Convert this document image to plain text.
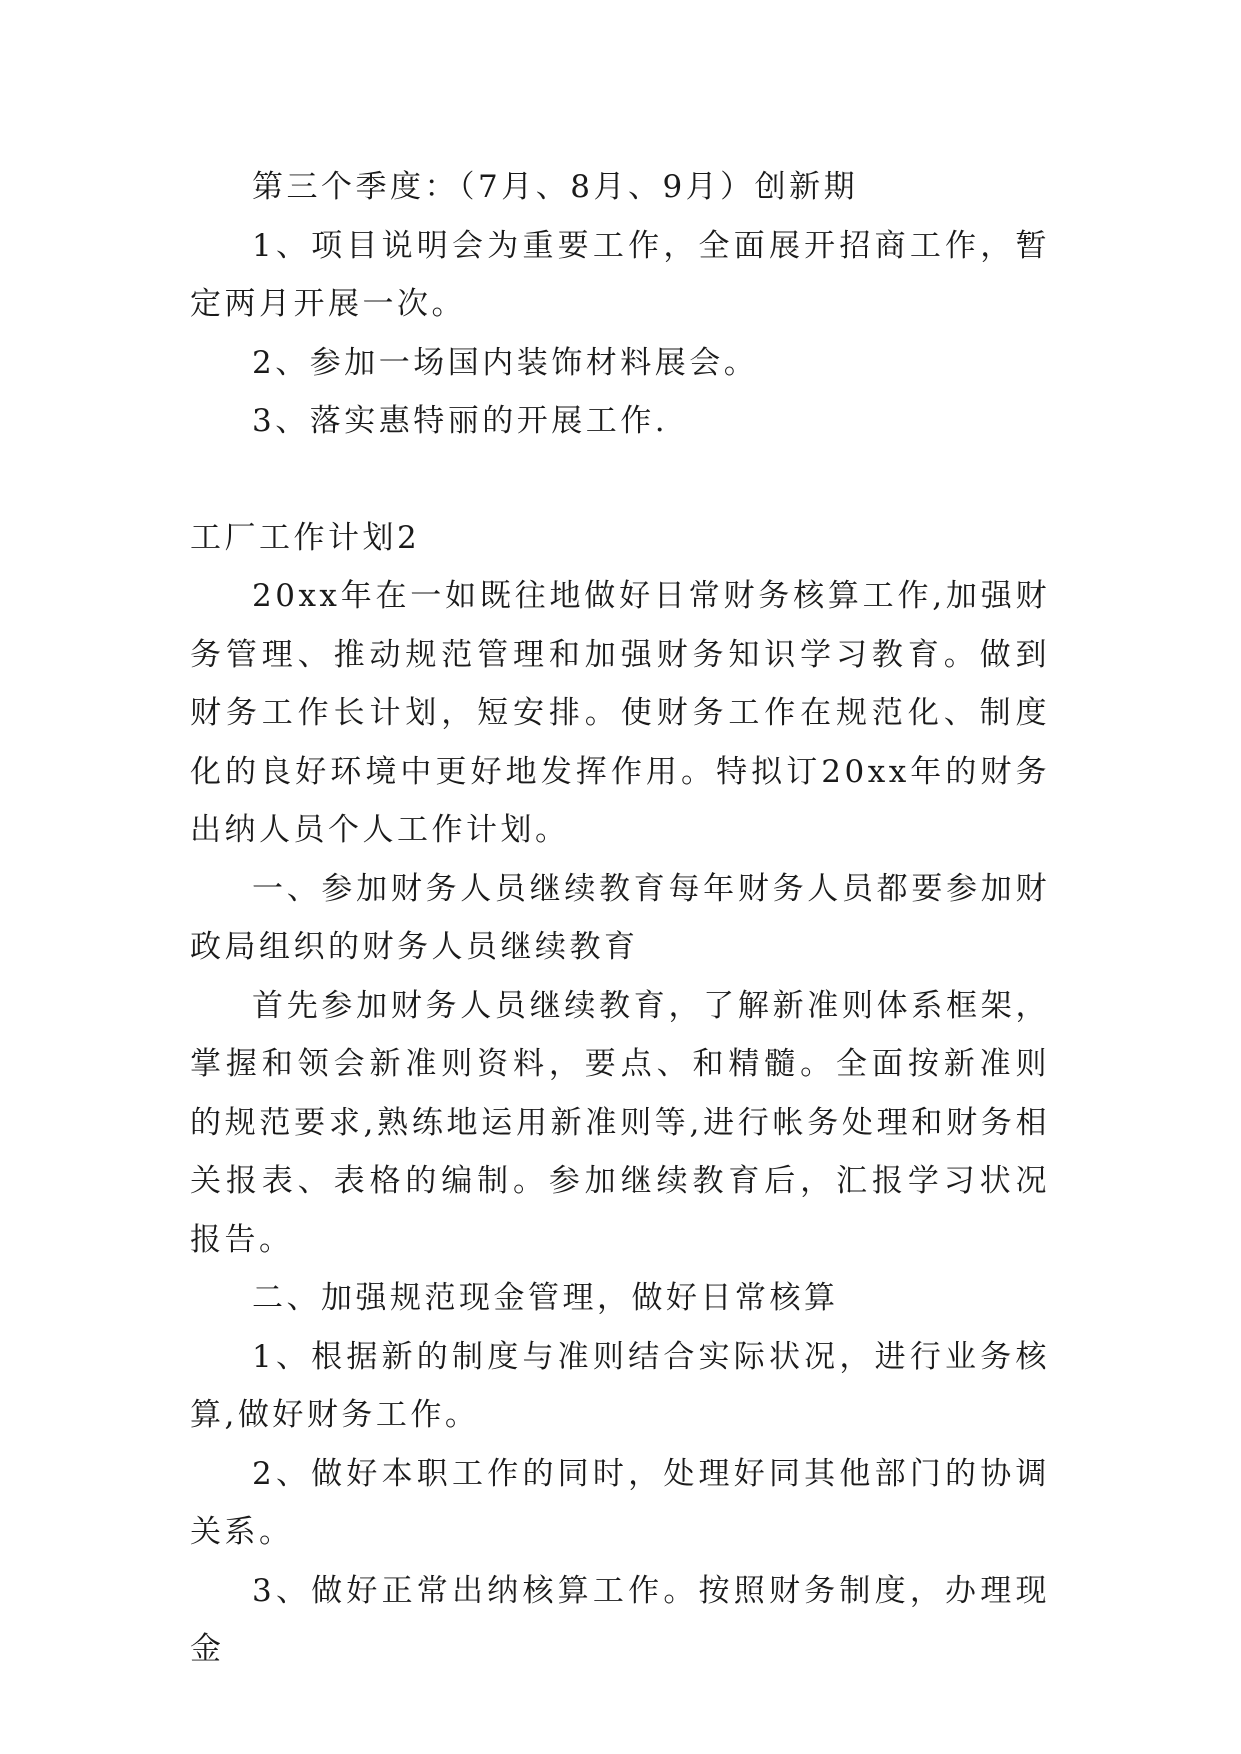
第三个季度：（7月、8月、9月）创新期

1、项目说明会为重要工作，全面展开招商工作，暂定两月开展一次。

2、参加一场国内装饰材料展会。

3、落实惠特丽的开展工作.

工厂工作计划2

20xx年在一如既往地做好日常财务核算工作,加强财务管理、推动规范管理和加强财务知识学习教育。做到财务工作长计划，短安排。使财务工作在规范化、制度化的良好环境中更好地发挥作用。特拟订20xx年的财务出纳人员个人工作计划。

一、参加财务人员继续教育每年财务人员都要参加财政局组织的财务人员继续教育

首先参加财务人员继续教育，了解新准则体系框架，掌握和领会新准则资料，要点、和精髓。全面按新准则的规范要求,熟练地运用新准则等,进行帐务处理和财务相关报表、表格的编制。参加继续教育后，汇报学习状况报告。

二、加强规范现金管理，做好日常核算

1、根据新的制度与准则结合实际状况，进行业务核算,做好财务工作。

2、做好本职工作的同时，处理好同其他部门的协调关系。

3、做好正常出纳核算工作。按照财务制度，办理现金
